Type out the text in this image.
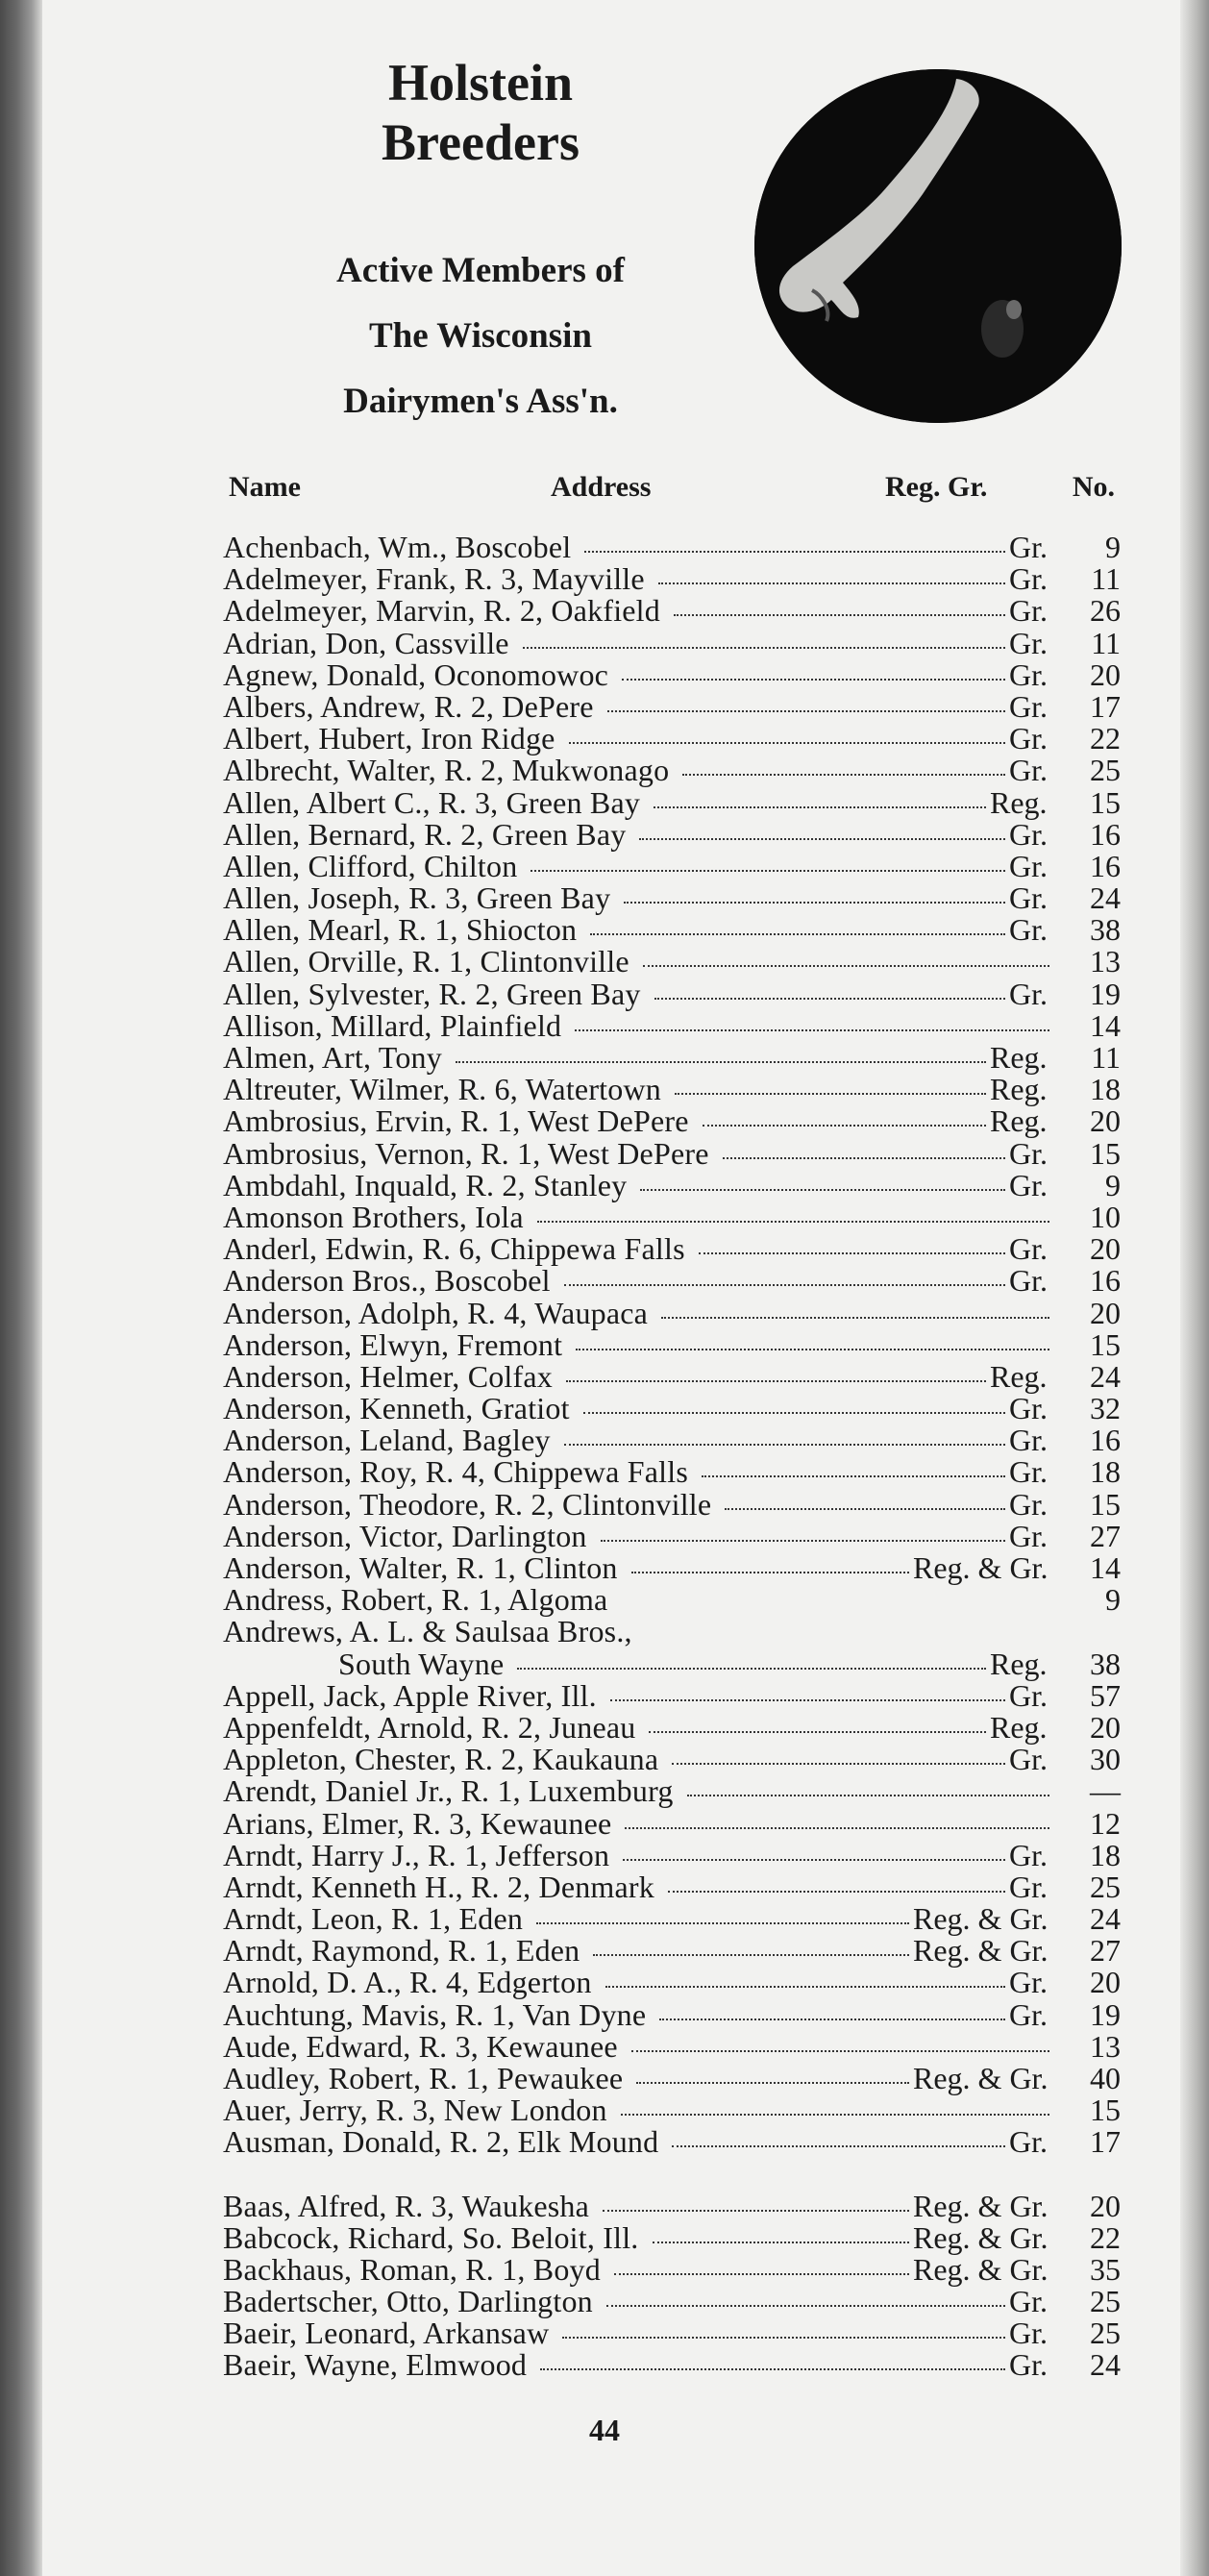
Holstein
Breeders
Active Members of
The Wisconsin
Dairymen's Ass'n.
Name	Address	Reg. Gr.	No.
Achenbach, Wm., Boscobel	Gr. 9
Adelmeyer, Frank, R. 3, Mayville	Gr. 11
Adelmeyer, Marvin, R. 2, Oakfield	Gr. 26
Adrian, Don, Cassville	Gr. 11
Agnew, Donald, Oconomowoc	Gr. 20
Albers, Andrew, R. 2, DePere	Gr. 17
Albert, Hubert, Iron Ridge	Gr. 22
Albrecht, Walter, R. 2, Mukwonago	Gr. 25
Allen, Albert C., R. 3, Green Bay	Reg. 15
Allen, Bernard, R. 2, Green Bay	Gr. 16
Allen, Clifford, Chilton	Gr. 16
Allen, Joseph, R. 3, Green Bay	Gr. 24
Allen, Mearl, R. 1, Shiocton	Gr. 38
Allen, Orville, R. 1, Clintonville	13
Allen, Sylvester, R. 2, Green Bay	Gr. 19
Allison, Millard, Plainfield	14
Almen, Art, Tony	Reg. 11
Altreuter, Wilmer, R. 6, Watertown	Reg. 18
Ambrosius, Ervin, R. 1, West DePere	Reg. 20
Ambrosius, Vernon, R. 1, West DePere	Gr. 15
Ambdahl, Inquald, R. 2, Stanley	Gr. 9
Amonson Brothers, Iola	10
Anderl, Edwin, R. 6, Chippewa Falls	Gr. 20
Anderson Bros., Boscobel	Gr. 16
Anderson, Adolph, R. 4, Waupaca	20
Anderson, Elwyn, Fremont	15
Anderson, Helmer, Colfax	Reg. 24
Anderson, Kenneth, Gratiot	Gr. 32
Anderson, Leland, Bagley	Gr. 16
Anderson, Roy, R. 4, Chippewa Falls	Gr. 18
Anderson, Theodore, R. 2, Clintonville	Gr. 15
Anderson, Victor, Darlington	Gr. 27
Anderson, Walter, R. 1, Clinton	Reg. & Gr. 14
Andress, Robert, R. 1, Algoma	9
Andrews, A. L. & Saulsaa Bros.,
South Wayne	Reg. 38
Appell, Jack, Apple River, Ill.	Gr. 57
Appenfeldt, Arnold, R. 2, Juneau	Reg. 20
Appleton, Chester, R. 2, Kaukauna	Gr. 30
Arendt, Daniel Jr., R. 1, Luxemburg	—
Arians, Elmer, R. 3, Kewaunee	12
Arndt, Harry J., R. 1, Jefferson	Gr. 18
Arndt, Kenneth H., R. 2, Denmark	Gr. 25
Arndt, Leon, R. 1, Eden	Reg. & Gr. 24
Arndt, Raymond, R. 1, Eden	Reg. & Gr. 27
Arnold, D. A., R. 4, Edgerton	Gr. 20
Auchtung, Mavis, R. 1, Van Dyne	Gr. 19
Aude, Edward, R. 3, Kewaunee	13
Audley, Robert, R. 1, Pewaukee	Reg. & Gr. 40
Auer, Jerry, R. 3, New London	15
Ausman, Donald, R. 2, Elk Mound	Gr. 17
Baas, Alfred, R. 3, Waukesha	Reg. & Gr. 20
Babcock, Richard, So. Beloit, Ill.	Reg. & Gr. 22
Backhaus, Roman, R. 1, Boyd	Reg. & Gr. 35
Badertscher, Otto, Darlington	Gr. 25
Baeir, Leonard, Arkansaw	Gr. 25
Baeir, Wayne, Elmwood	Gr. 24
44
